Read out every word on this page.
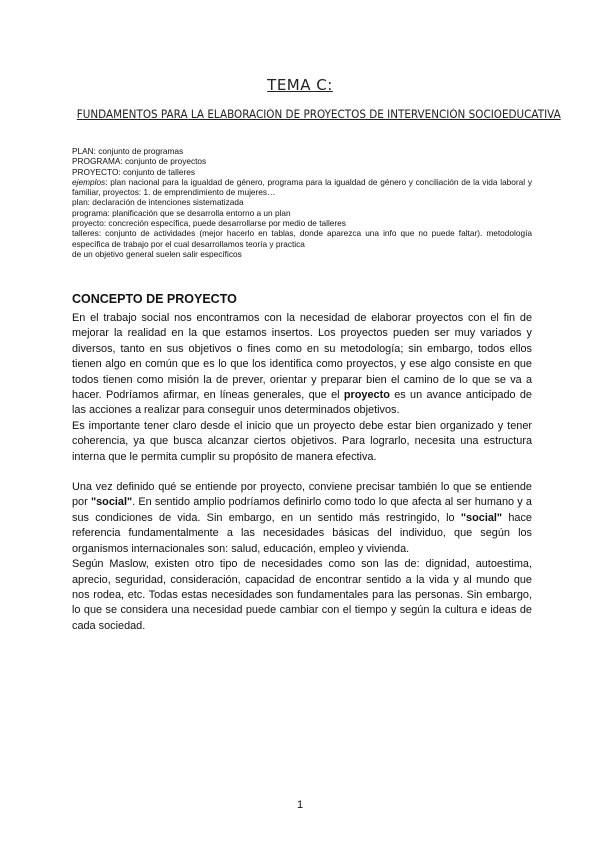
TEMA C:
FUNDAMENTOS PARA LA ELABORACIÓN DE PROYECTOS DE INTERVENCIÓN SOCIOEDUCATIVA
PLAN: conjunto de programas
PROGRAMA: conjunto de proyectos
PROYECTO: conjunto de talleres
ejemplos: plan nacional para la igualdad de género, programa para la igualdad de género y conciliación de la vida laboral y familiar, proyectos: 1. de emprendimiento de mujeres…
plan: declaración de intenciones sistematizada
programa: planificación que se desarrolla entorno a un plan
proyecto: concreción específica, puede desarrollarse por medio de talleres
talleres: conjunto de actividades (mejor hacerlo en tablas, donde aparezca una info que no puede faltar). metodología específica de trabajo por el cual desarrollamos teoría y practica
de un objetivo general suelen salir específicos
CONCEPTO DE PROYECTO

En el trabajo social nos encontramos con la necesidad de elaborar proyectos con el fin de mejorar la realidad en la que estamos insertos. Los proyectos pueden ser muy variados y diversos, tanto en sus objetivos o fines como en su metodología; sin embargo, todos ellos tienen algo en común que es lo que los identifica como proyectos, y ese algo consiste en que todos tienen como misión la de prever, orientar y preparar bien el camino de lo que se va a hacer. Podríamos afirmar, en líneas generales, que el proyecto es un avance anticipado de las acciones a realizar para conseguir unos determinados objetivos.

Es importante tener claro desde el inicio que un proyecto debe estar bien organizado y tener coherencia, ya que busca alcanzar ciertos objetivos. Para lograrlo, necesita una estructura interna que le permita cumplir su propósito de manera efectiva.

Una vez definido qué se entiende por proyecto, conviene precisar también lo que se entiende por "social". En sentido amplio podríamos definirlo como todo lo que afecta al ser humano y a sus condiciones de vida. Sin embargo, en un sentido más restringido, lo "social" hace referencia fundamentalmente a las necesidades básicas del individuo, que según los organismos internacionales son: salud, educación, empleo y vivienda.

Según Maslow, existen otro tipo de necesidades como son las de: dignidad, autoestima, aprecio, seguridad, consideración, capacidad de encontrar sentido a la vida y al mundo que nos rodea, etc. Todas estas necesidades son fundamentales para las personas. Sin embargo, lo que se considera una necesidad puede cambiar con el tiempo y según la cultura e ideas de cada sociedad.

1
